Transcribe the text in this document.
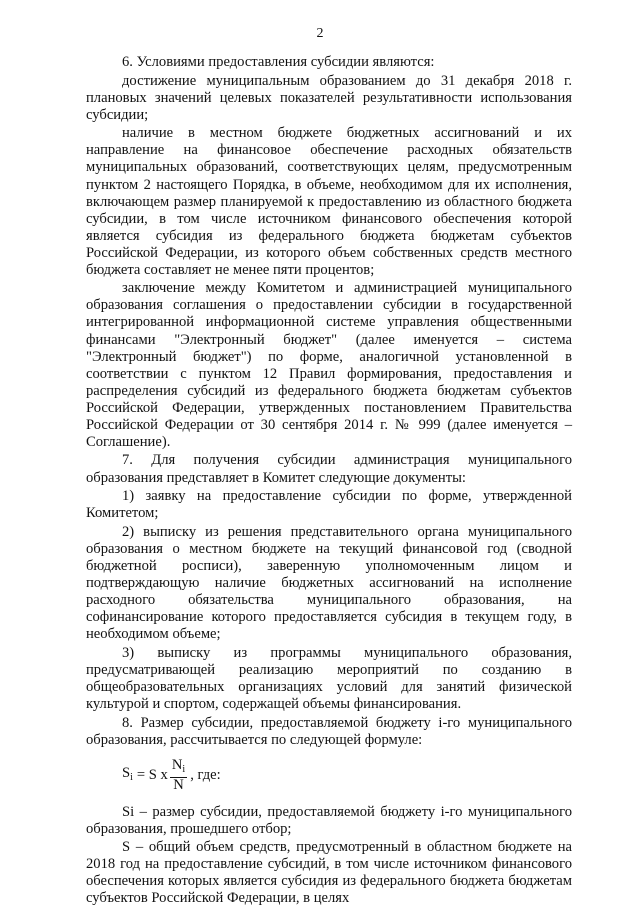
2

6. Условиями предоставления субсидии являются:

достижение муниципальным образованием до 31 декабря 2018 г. плановых значений целевых показателей результативности использования субсидии;

наличие в местном бюджете бюджетных ассигнований и их направление на финансовое обеспечение расходных обязательств муниципальных образований, соответствующих целям, предусмотренным пунктом 2 настоящего Порядка, в объеме, необходимом для их исполнения, включающем размер планируемой к предоставлению из областного бюджета субсидии, в том числе источником финансового обеспечения которой является субсидия из федерального бюджета бюджетам субъектов Российской Федерации, из которого объем собственных средств местного бюджета составляет не менее пяти процентов;

заключение между Комитетом и администрацией муниципального образования соглашения о предоставлении субсидии в государственной интегрированной информационной системе управления общественными финансами "Электронный бюджет" (далее именуется – система "Электронный бюджет") по форме, аналогичной установленной в соответствии с пунктом 12 Правил формирования, предоставления и распределения субсидий из федерального бюджета бюджетам субъектов Российской Федерации, утвержденных постановлением Правительства Российской Федерации от 30 сентября 2014 г. № 999 (далее именуется – Соглашение).

7. Для получения субсидии администрация муниципального образования представляет в Комитет следующие документы:

1) заявку на предоставление субсидии по форме, утвержденной Комитетом;

2) выписку из решения представительного органа муниципального образования о местном бюджете на текущий финансовой год (сводной бюджетной росписи), заверенную уполномоченным лицом и подтверждающую наличие бюджетных ассигнований на исполнение расходного обязательства муниципального образования, на софинансирование которого предоставляется субсидия в текущем году, в необходимом объеме;

3) выписку из программы муниципального образования, предусматривающей реализацию мероприятий по созданию в общеобразовательных организациях условий для занятий физической культурой и спортом, содержащей объемы финансирования.

8. Размер субсидии, предоставляемой бюджету i-го муниципального образования, рассчитывается по следующей формуле:

$S_i = S$ x $\frac{N_i}{N}$ , где:

Si – размер субсидии, предоставляемой бюджету i-го муниципального образования, прошедшего отбор;

S – общий объем средств, предусмотренный в областном бюджете на 2018 год на предоставление субсидий, в том числе источником финансового обеспечения которых является субсидия из федерального бюджета бюджетам субъектов Российской Федерации, в целях
